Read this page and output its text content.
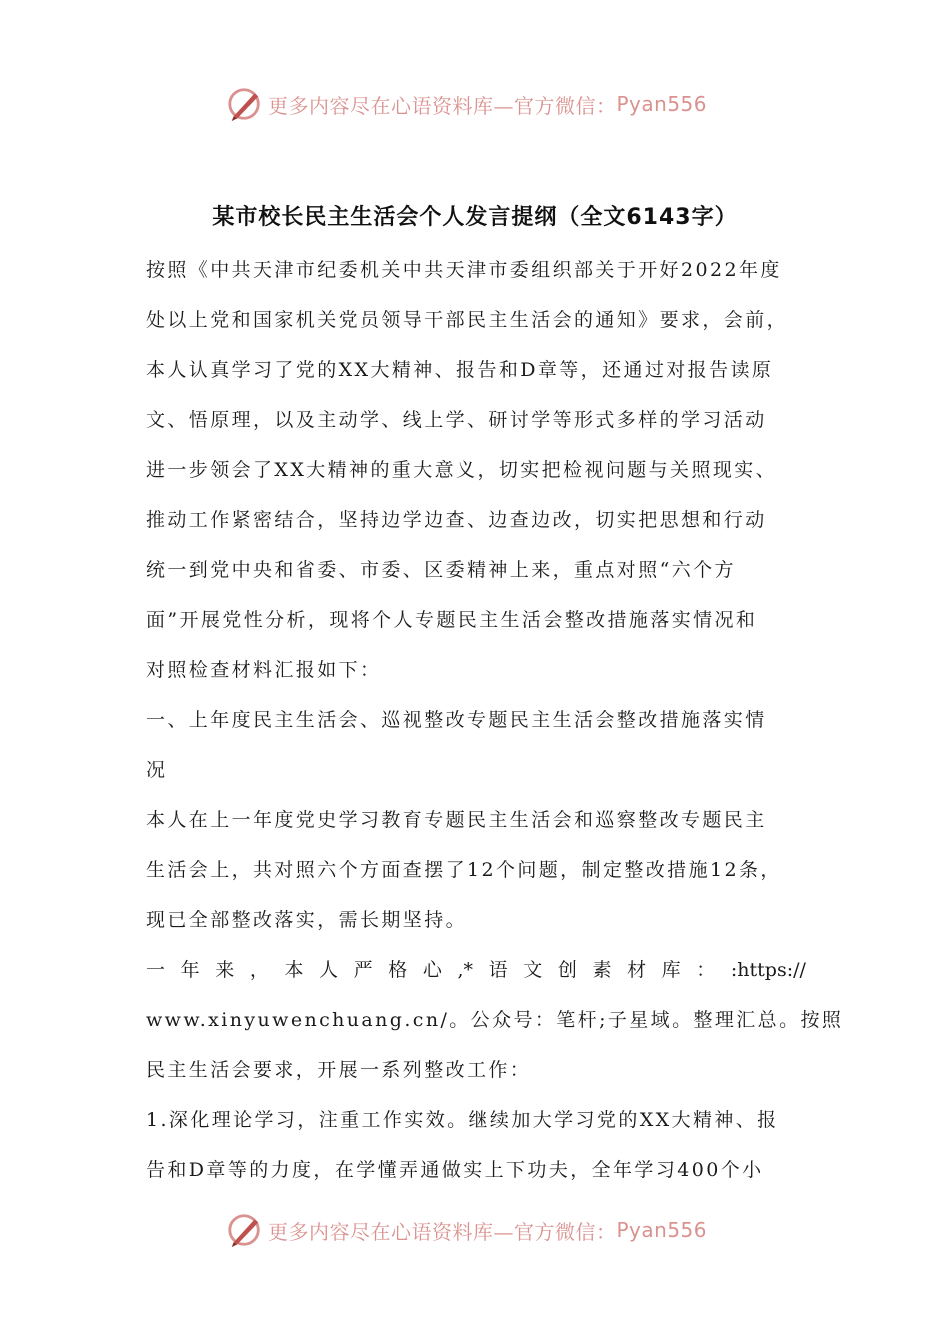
更多内容尽在心语资料库—官方微信： Pyan556
某市校长民主生活会个人发言提纲（全文6143字）
按照《中共天津市纪委机关中共天津市委组织部关于开好2022年度
处以上党和国家机关党员领导干部民主生活会的通知》要求，会前，
本人认真学习了党的XX大精神、报告和D章等，还通过对报告读原
文、悟原理，以及主动学、线上学、研讨学等形式多样的学习活动
进一步领会了XX大精神的重大意义，切实把检视问题与关照现实、
推动工作紧密结合，坚持边学边查、边查边改，切实把思想和行动
统一到党中央和省委、市委、区委精神上来，重点对照“六个方
面”开展党性分析，现将个人专题民主生活会整改措施落实情况和
对照检查材料汇报如下：
一、上年度民主生活会、巡视整改专题民主生活会整改措施落实情
况
本人在上一年度党史学习教育专题民主生活会和巡察整改专题民主
生活会上，共对照六个方面查摆了12个问题，制定整改措施12条，
现已全部整改落实，需长期坚持。
一 年 来 ， 本 人 严 格 心 ,* 语 文 创 素 材 库 ： :https://
www.xinyuwenchuang.cn/。公众号：笔杆;子星域。整理汇总。按照
民主生活会要求，开展一系列整改工作：
1.深化理论学习，注重工作实效。继续加大学习党的XX大精神、报
告和D章等的力度，在学懂弄通做实上下功夫，全年学习400个小
更多内容尽在心语资料库—官方微信： Pyan556
